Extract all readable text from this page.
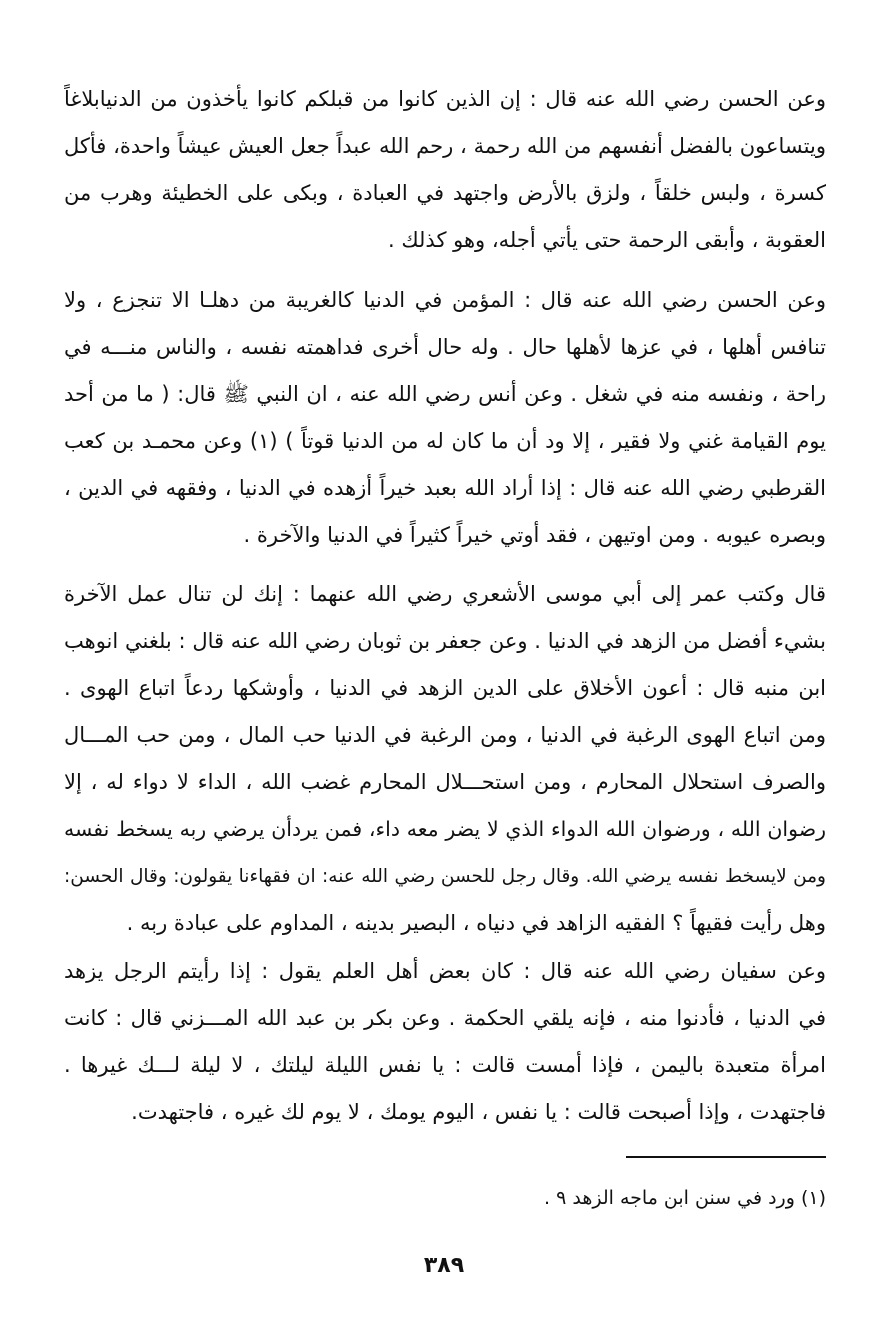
وعن الحسن رضي الله عنه قال : إن الذين كانوا من قبلكم كانوا يأخذون من الدنيابلاغاً
ويتساعون بالفضل أنفسهم من الله رحمة ، رحم الله عبداً جعل العيش عيشاً واحدة، فأكل
كسرة ، ولبس خلقاً ، ولزق بالأرض واجتهد في العبادة ، وبكى على الخطيئة وهرب من
العقوبة ، وأبقى الرحمة حتى يأتي أجله، وهو كذلك .
وعن الحسن رضي الله عنه قال : المؤمن في الدنيا كالغريبة من دهلـا الا تنجزع ، ولا
تنافس أهلها ، في عزها لأهلها حال . وله حال أخرى فداهمته نفسه ، والناس منـــه في
راحة ، ونفسه منه في شغل . وعن أنس رضي الله عنه ، ان النبي ﷺ قال: ( ما من أحد
يوم القيامة غني ولا فقير ، إلا ود أن ما كان له من الدنيا قوتاً ) (١) وعن محمـد بن كعب
القرطبي رضي الله عنه قال : إذا أراد الله بعبد خيراً أزهده في الدنيا ، وفقهه في الدين ،
وبصره عيوبه . ومن اوتيهن ، فقد أوتي خيراً كثيراً في الدنيا والآخرة .
قال وكتب عمر إلى أبي موسى الأشعري رضي الله عنهما : إنك لن تنال عمل الآخرة
بشيء أفضل من الزهد في الدنيا . وعن جعفر بن ثوبان رضي الله عنه قال : بلغني انوهب
ابن منبه قال : أعون الأخلاق على الدين الزهد في الدنيا ، وأوشكها ردعاً اتباع الهوى .
ومن اتباع الهوى الرغبة في الدنيا ، ومن الرغبة في الدنيا حب المال ، ومن حب المـــال
والصرف استحلال المحارم ، ومن استحـــلال المحارم غضب الله ، الداء لا دواء له ، إلا
رضوان الله ، ورضوان الله الدواء الذي لا يضر معه داء، فمن يردأن يرضي ربه يسخط نفسه
ومن لايسخط نفسه يرضي الله. وقال رجل للحسن رضي الله عنه: ان فقهاءنا يقولون: وقال الحسن:
وهل رأيت فقيهاً ؟ الفقيه الزاهد في دنياه ، البصير بدينه ، المداوم على عبادة ربه .
وعن سفيان رضي الله عنه قال : كان بعض أهل العلم يقول : إذا رأيتم الرجل يزهد
في الدنيا ، فأدنوا منه ، فإنه يلقي الحكمة . وعن بكر بن عبد الله المـــزني قال : كانت
امرأة متعبدة باليمن ، فإذا أمست قالت : يا نفس الليلة ليلتك ، لا ليلة لـــك غيرها .
فاجتهدت ، وإذا أصبحت قالت : يا نفس ، اليوم يومك ، لا يوم لك غيره ، فاجتهدت.
(١) ورد في سنن ابن ماجه الزهد ٩ .
٣٨٩
